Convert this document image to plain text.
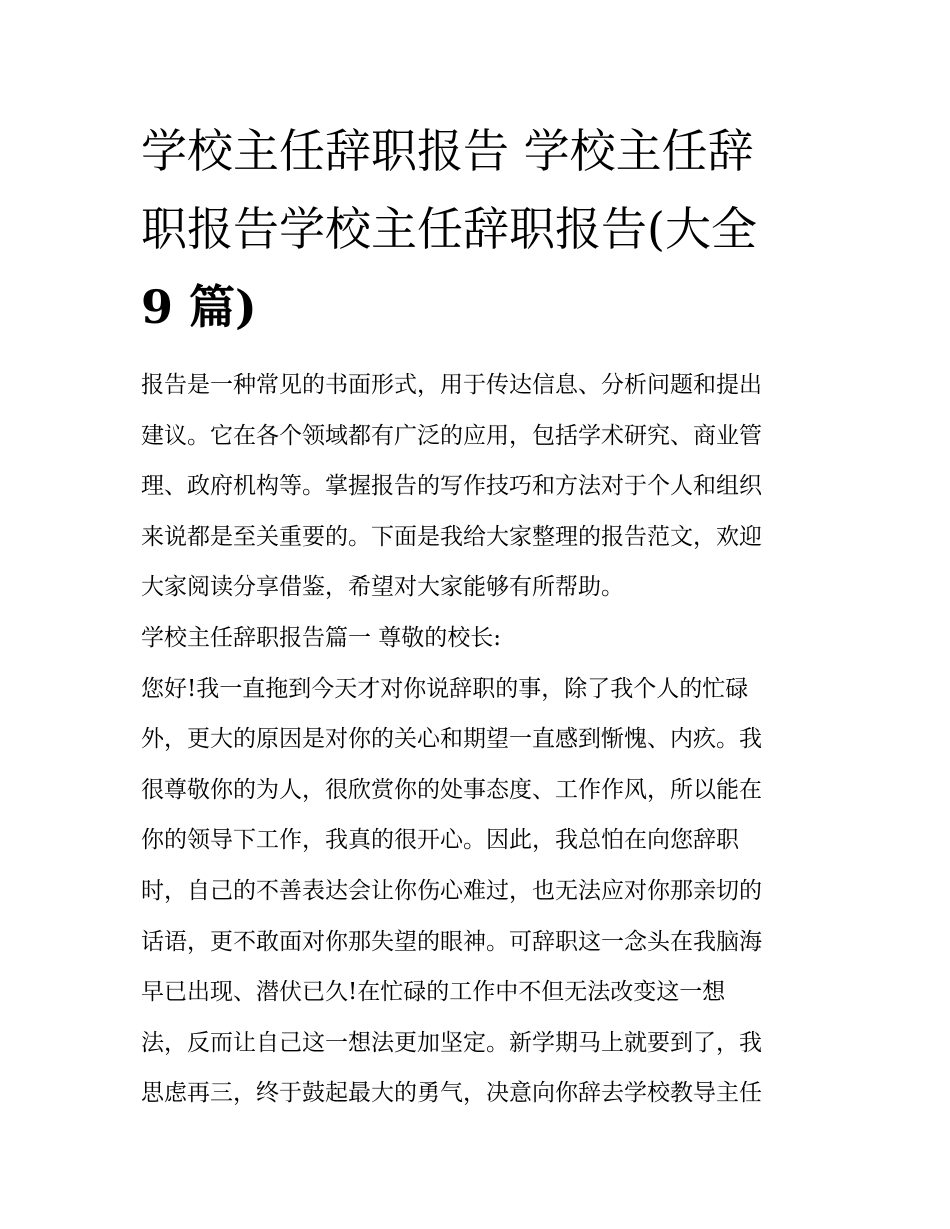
学校主任辞职报告 学校主任辞
职报告学校主任辞职报告(大全
9 篇)
报告是一种常见的书面形式，用于传达信息、分析问题和提出
建议。它在各个领域都有广泛的应用，包括学术研究、商业管
理、政府机构等。掌握报告的写作技巧和方法对于个人和组织
来说都是至关重要的。下面是我给大家整理的报告范文，欢迎
大家阅读分享借鉴，希望对大家能够有所帮助。
学校主任辞职报告篇一 尊敬的校长:
您好!我一直拖到今天才对你说辞职的事，除了我个人的忙碌
外，更大的原因是对你的关心和期望一直感到惭愧、内疚。我
很尊敬你的为人，很欣赏你的处事态度、工作作风，所以能在
你的领导下工作，我真的很开心。因此，我总怕在向您辞职
时，自己的不善表达会让你伤心难过，也无法应对你那亲切的
话语，更不敢面对你那失望的眼神。可辞职这一念头在我脑海
早已出现、潜伏已久!在忙碌的工作中不但无法改变这一想
法，反而让自己这一想法更加坚定。新学期马上就要到了，我
思虑再三，终于鼓起最大的勇气，决意向你辞去学校教导主任
